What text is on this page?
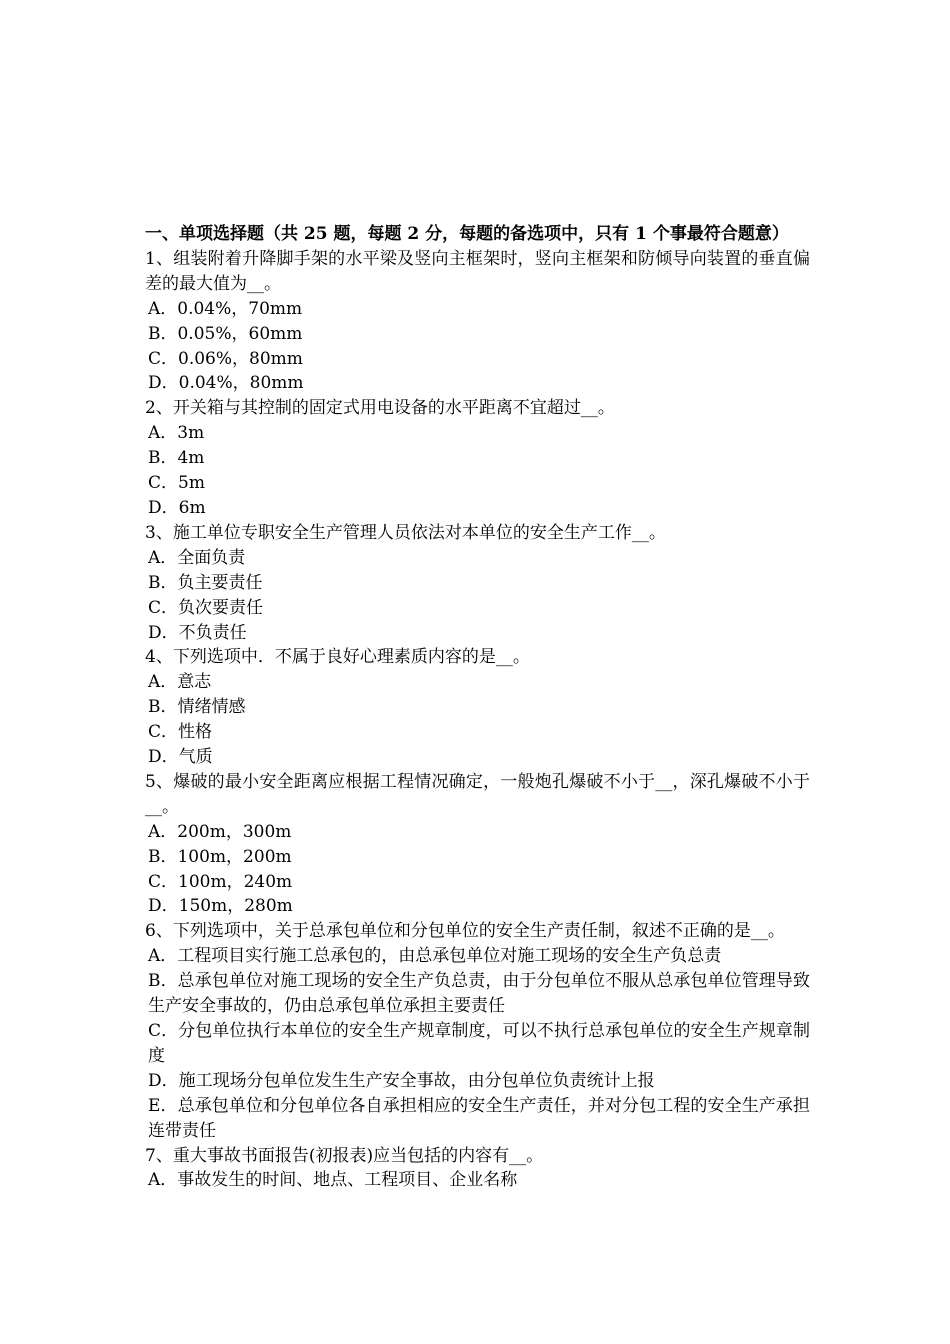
一、单项选择题（共 25 题，每题 2 分，每题的备选项中，只有 1 个事最符合题意）
1、组装附着升降脚手架的水平梁及竖向主框架时，竖向主框架和防倾导向装置的垂直偏差的最大值为__。
A．0.04%，70mm
B．0.05%，60mm
C．0.06%，80mm
D．0.04%，80mm
2、开关箱与其控制的固定式用电设备的水平距离不宜超过__。
A．3m
B．4m
C．5m
D．6m
3、施工单位专职安全生产管理人员依法对本单位的安全生产工作__。
A．全面负责
B．负主要责任
C．负次要责任
D．不负责任
4、下列选项中．不属于良好心理素质内容的是__。
A．意志
B．情绪情感
C．性格
D．气质
5、爆破的最小安全距离应根据工程情况确定，一般炮孔爆破不小于__，深孔爆破不小于__。
A．200m，300m
B．100m，200m
C．100m，240m
D．150m，280m
6、下列选项中，关于总承包单位和分包单位的安全生产责任制，叙述不正确的是__。
A．工程项目实行施工总承包的，由总承包单位对施工现场的安全生产负总责
B．总承包单位对施工现场的安全生产负总责，由于分包单位不服从总承包单位管理导致生产安全事故的，仍由总承包单位承担主要责任
C．分包单位执行本单位的安全生产规章制度，可以不执行总承包单位的安全生产规章制度
D．施工现场分包单位发生生产安全事故，由分包单位负责统计上报
E．总承包单位和分包单位各自承担相应的安全生产责任，并对分包工程的安全生产承担连带责任
7、重大事故书面报告(初报表)应当包括的内容有__。
A．事故发生的时间、地点、工程项目、企业名称
